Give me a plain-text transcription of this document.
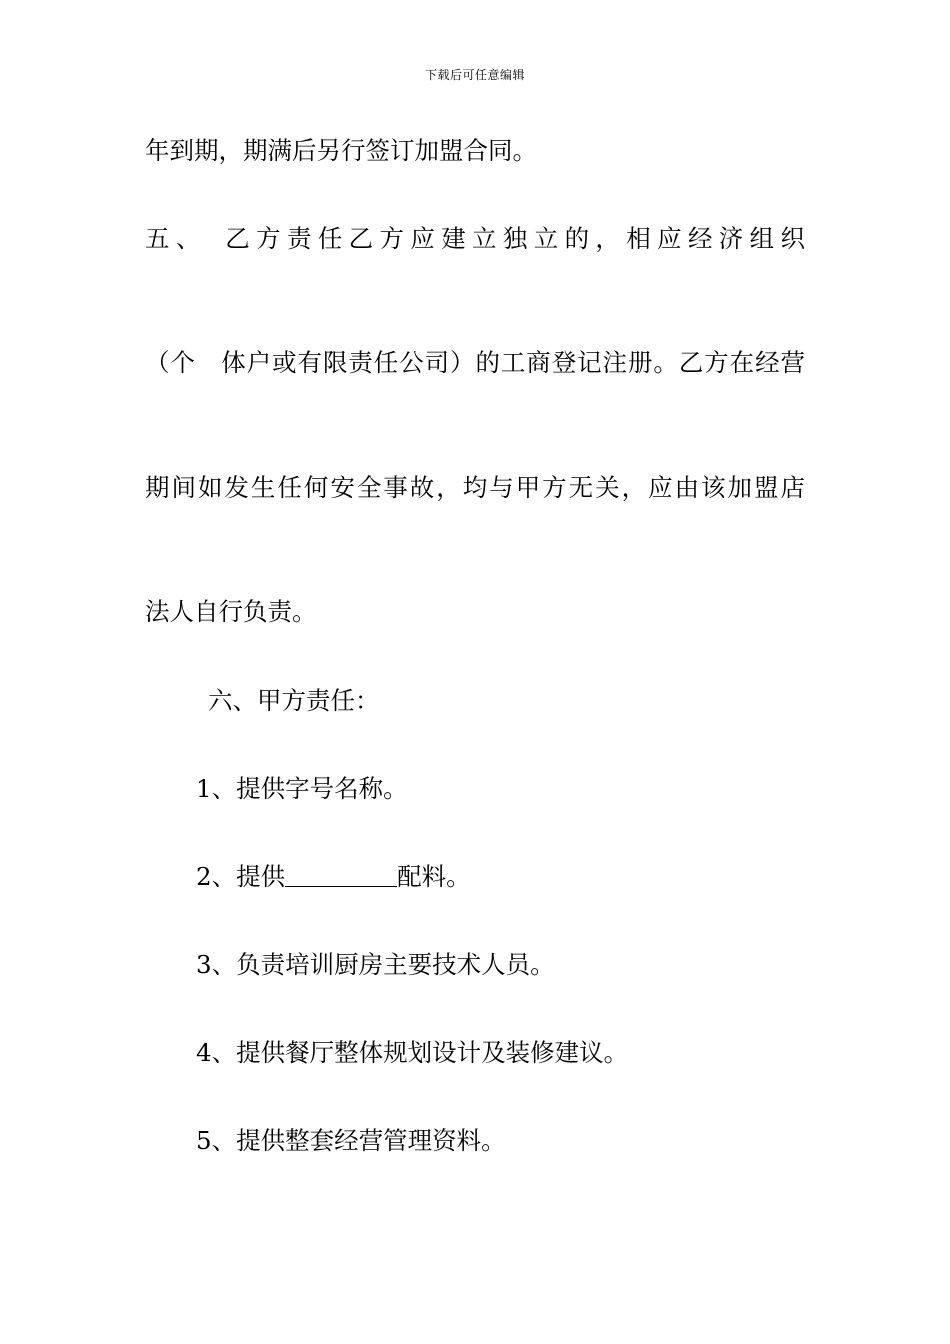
下载后可任意编辑
年到期，期满后另行签订加盟合同。
五、　乙方责任乙方应建立独立的，相应经济组织
（个　体户或有限责任公司）的工商登记注册。乙方在经营
期间如发生任何安全事故，均与甲方无关，应由该加盟店
法人自行负责。
六、甲方责任：
1、提供字号名称。
2、提供	配料。
3、负责培训厨房主要技术人员。
4、提供餐厅整体规划设计及装修建议。
5、提供整套经营管理资料。
